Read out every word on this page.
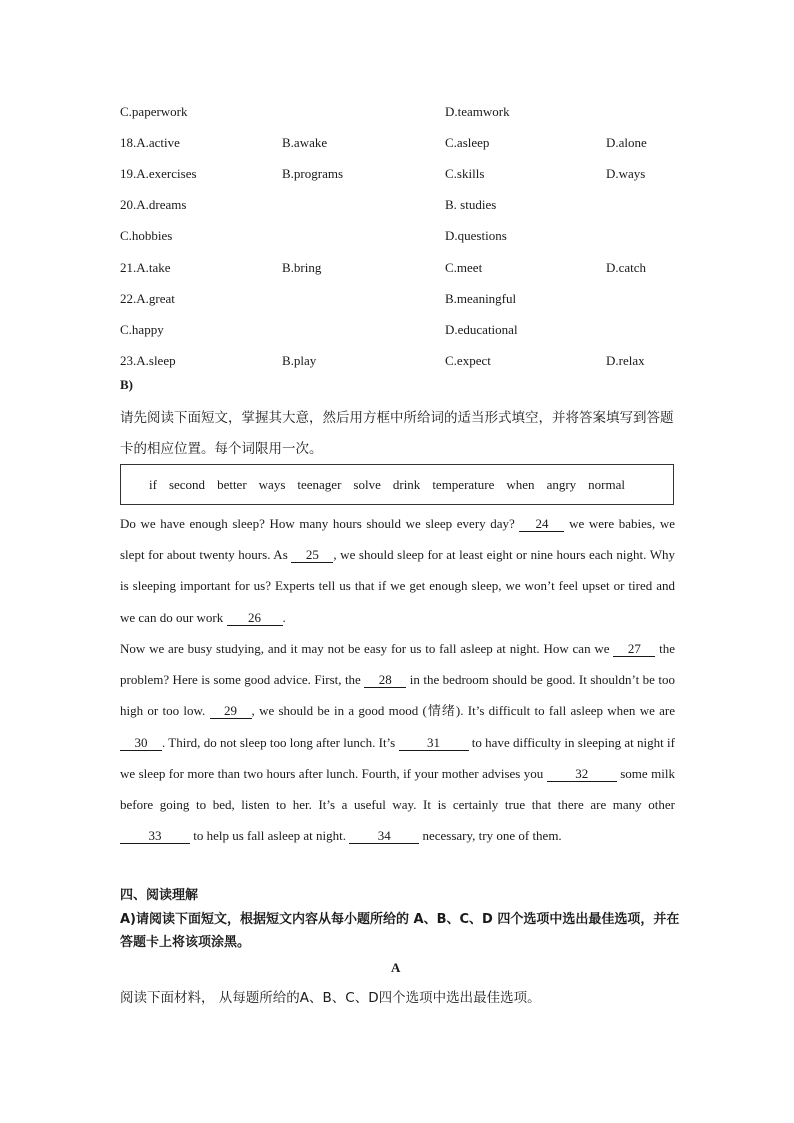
C.paperwork	D.teamwork
18.A.active	B.awake	C.asleep	D.alone
19.A.exercises	B.programs	C.skills	D.ways
20.A.dreams	B. studies
C.hobbies	D.questions
21.A.take	B.bring	C.meet	D.catch
22.A.great	B.meaningful
C.happy	D.educational
23.A.sleep	B.play	C.expect	D.relax
B)
请先阅读下面短文，掌握其大意，然后用方框中所给词的适当形式填空，并将答案填写到答题卡的相应位置。每个词限用一次。
if second better ways teenager solve drink temperature when angry normal
Do we have enough sleep? How many hours should we sleep every day? 24 we were babies, we slept for about twenty hours. As 25 , we should sleep for at least eight or nine hours each night. Why is sleeping important for us? Experts tell us that if we get enough sleep, we won’t feel upset or tired and we can do our work 26 .
Now we are busy studying, and it may not be easy for us to fall asleep at night. How can we 27 the problem? Here is some good advice. First, the 28 in the bedroom should be good. It shouldn’t be too high or too low. 29 , we should be in a good mood (情绪). It’s difficult to fall asleep when we are 30 . Third, do not sleep too long after lunch. It’s 31 to have difficulty in sleeping at night if we sleep for more than two hours after lunch. Fourth, if your mother advises you 32 some milk before going to bed, listen to her. It’s a useful way. It is certainly true that there are many other 33 to help us fall asleep at night. 34 necessary, try one of them.
四、阅读理解
A)请阅读下面短文，根据短文内容从每小题所给的 A、B、C、D 四个选项中选出最佳选项，并在答题卡上将该项涂黑。
A
阅读下面材料， 从每题所给的A、B、C、D四个选项中选出最佳选项。
